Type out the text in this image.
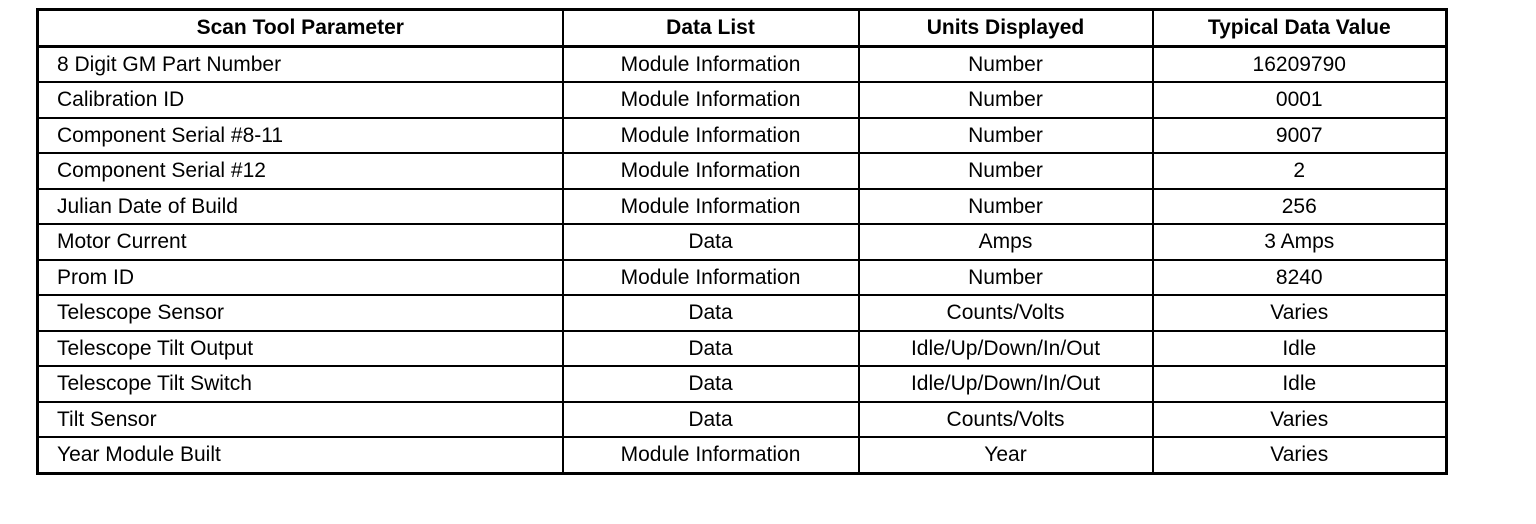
Scan Tool Parameter	Data List	Units Displayed	Typical Data Value
8 Digit GM Part Number	Module Information	Number	16209790
Calibration ID	Module Information	Number	0001
Component Serial #8-11	Module Information	Number	9007
Component Serial #12	Module Information	Number	2
Julian Date of Build	Module Information	Number	256
Motor Current	Data	Amps	3 Amps
Prom ID	Module Information	Number	8240
Telescope Sensor	Data	Counts/Volts	Varies
Telescope Tilt Output	Data	Idle/Up/Down/In/Out	Idle
Telescope Tilt Switch	Data	Idle/Up/Down/In/Out	Idle
Tilt Sensor	Data	Counts/Volts	Varies
Year Module Built	Module Information	Year	Varies
